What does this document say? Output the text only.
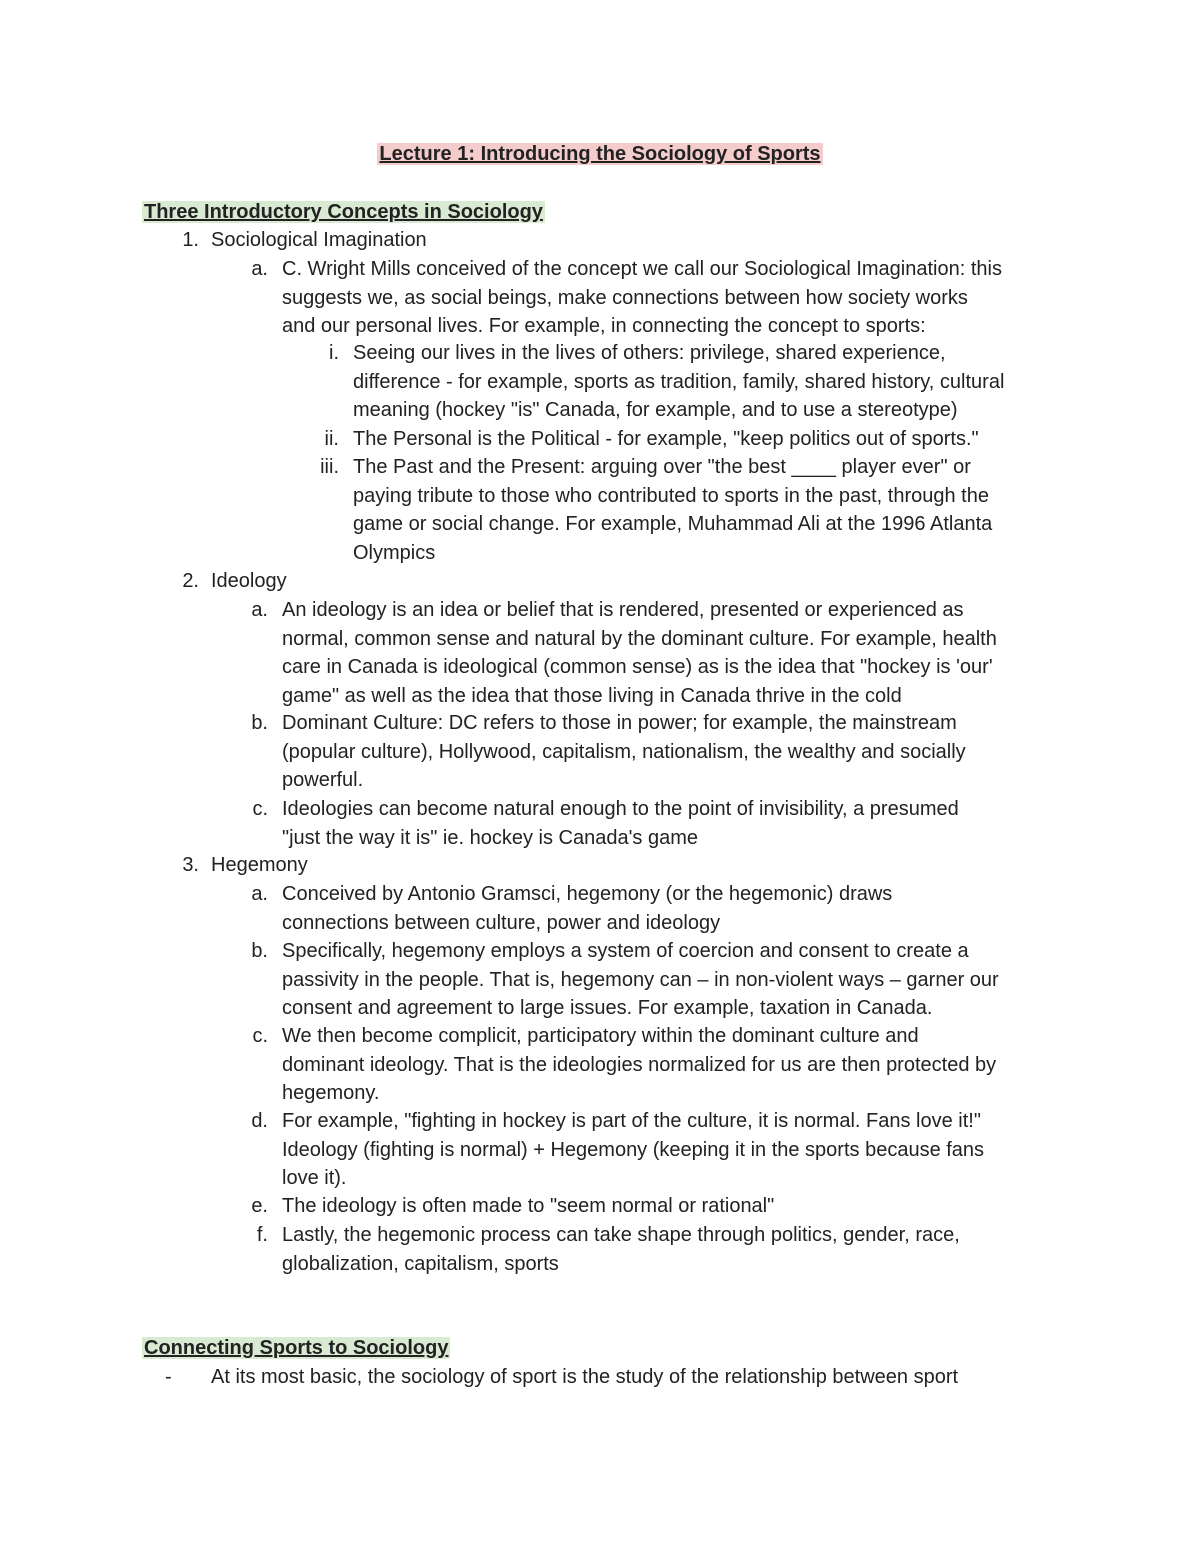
Lecture 1: Introducing the Sociology of Sports
Three Introductory Concepts in Sociology
1. Sociological Imagination
a. C. Wright Mills conceived of the concept we call our Sociological Imagination: this
suggests we, as social beings, make connections between how society works
and our personal lives. For example, in connecting the concept to sports:
i. Seeing our lives in the lives of others: privilege, shared experience,
difference - for example, sports as tradition, family, shared history, cultural
meaning (hockey "is" Canada, for example, and to use a stereotype)
ii. The Personal is the Political - for example, "keep politics out of sports."
iii. The Past and the Present: arguing over "the best ____ player ever" or
paying tribute to those who contributed to sports in the past, through the
game or social change. For example, Muhammad Ali at the 1996 Atlanta
Olympics
2. Ideology
a. An ideology is an idea or belief that is rendered, presented or experienced as
normal, common sense and natural by the dominant culture. For example, health
care in Canada is ideological (common sense) as is the idea that "hockey is 'our'
game" as well as the idea that those living in Canada thrive in the cold
b. Dominant Culture: DC refers to those in power; for example, the mainstream
(popular culture), Hollywood, capitalism, nationalism, the wealthy and socially
powerful.
c. Ideologies can become natural enough to the point of invisibility, a presumed
"just the way it is" ie. hockey is Canada's game
3. Hegemony
a. Conceived by Antonio Gramsci, hegemony (or the hegemonic) draws
connections between culture, power and ideology
b. Specifically, hegemony employs a system of coercion and consent to create a
passivity in the people. That is, hegemony can – in non-violent ways – garner our
consent and agreement to large issues. For example, taxation in Canada.
c. We then become complicit, participatory within the dominant culture and
dominant ideology. That is the ideologies normalized for us are then protected by
hegemony.
d. For example, "fighting in hockey is part of the culture, it is normal. Fans love it!"
Ideology (fighting is normal) + Hegemony (keeping it in the sports because fans
love it).
e. The ideology is often made to "seem normal or rational"
f. Lastly, the hegemonic process can take shape through politics, gender, race,
globalization, capitalism, sports
Connecting Sports to Sociology
-	At its most basic, the sociology of sport is the study of the relationship between sport
